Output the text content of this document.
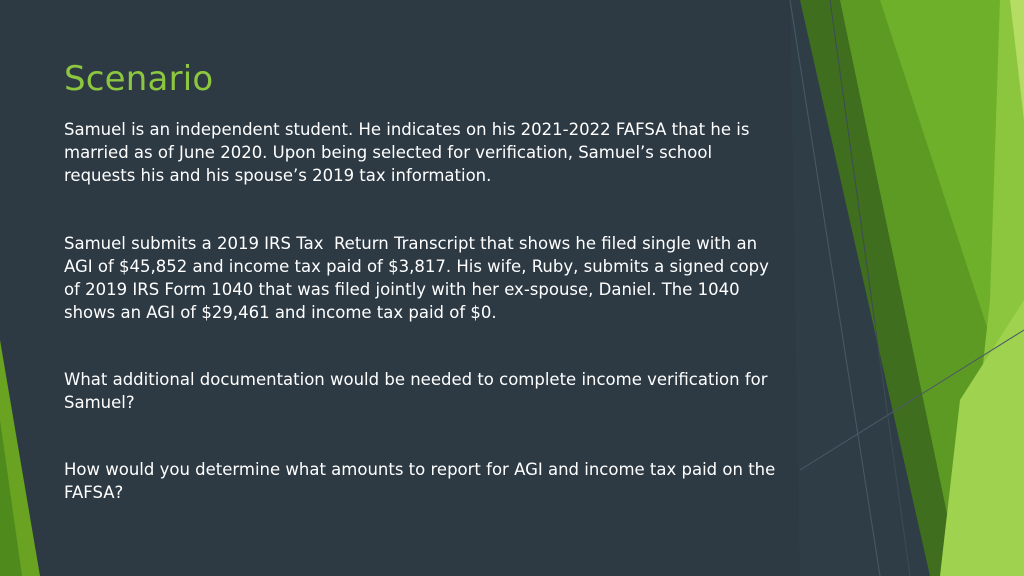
Scenario

Samuel is an independent student. He indicates on his 2021-2022 FAFSA that he is married as of June 2020. Upon being selected for verification, Samuel’s school requests his and his spouse’s 2019 tax information.

Samuel submits a 2019 IRS Tax  Return Transcript that shows he filed single with an AGI of $45,852 and income tax paid of $3,817. His wife, Ruby, submits a signed copy of 2019 IRS Form 1040 that was filed jointly with her ex-spouse, Daniel. The 1040 shows an AGI of $29,461 and income tax paid of $0.

What additional documentation would be needed to complete income verification for Samuel?

How would you determine what amounts to report for AGI and income tax paid on the FAFSA?
